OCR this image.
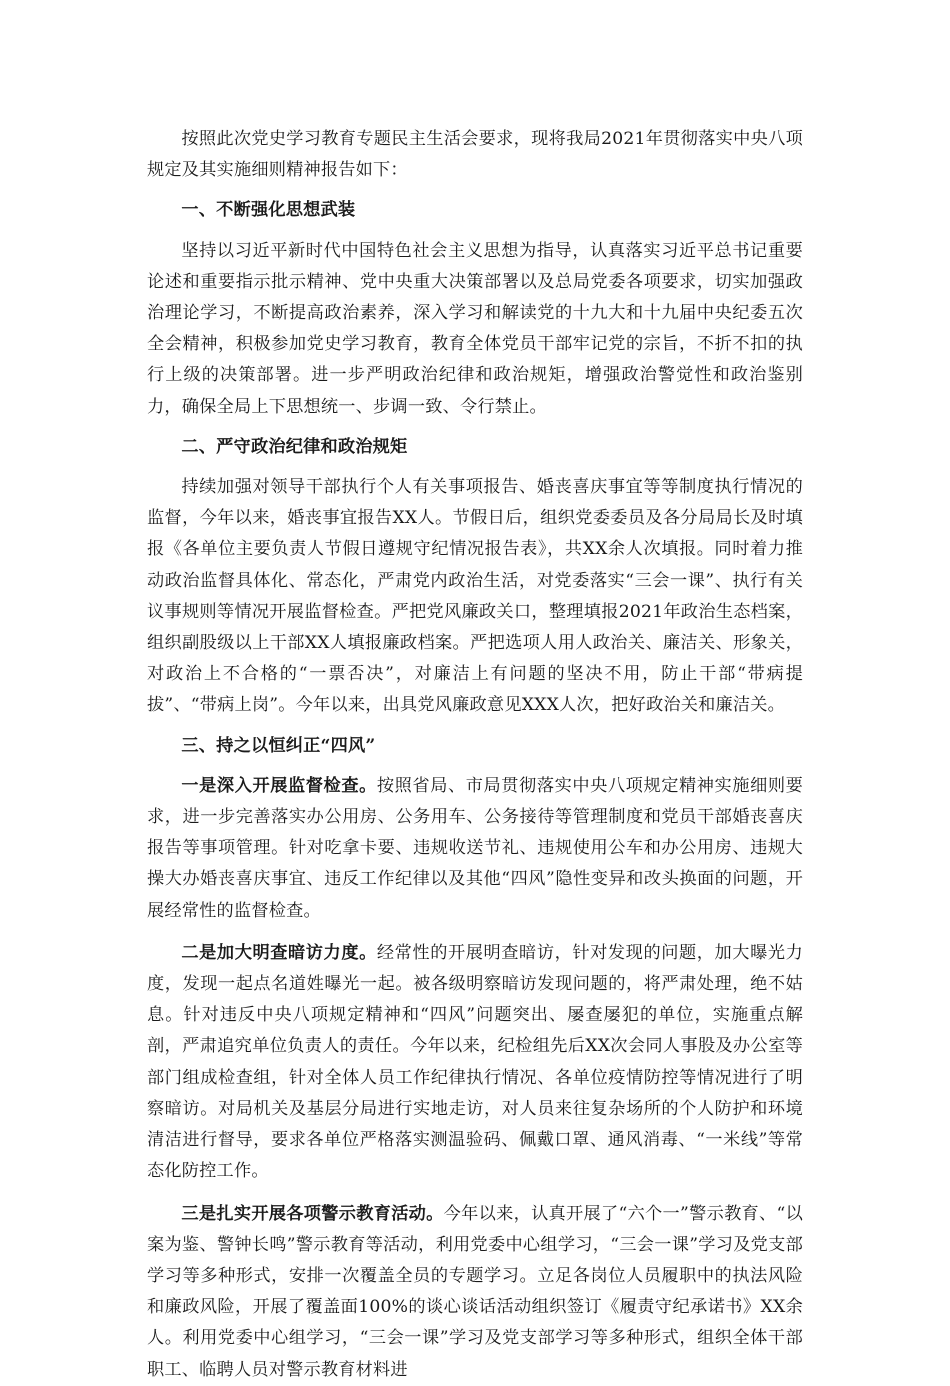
按照此次党史学习教育专题民主生活会要求，现将我局2021年贯彻落实中央八项规定及其实施细则精神报告如下：

一、不断强化思想武装

坚持以习近平新时代中国特色社会主义思想为指导，认真落实习近平总书记重要论述和重要指示批示精神、党中央重大决策部署以及总局党委各项要求，切实加强政治理论学习，不断提高政治素养，深入学习和解读党的十九大和十九届中央纪委五次全会精神，积极参加党史学习教育，教育全体党员干部牢记党的宗旨，不折不扣的执行上级的决策部署。进一步严明政治纪律和政治规矩，增强政治警觉性和政治鉴别力，确保全局上下思想统一、步调一致、令行禁止。

二、严守政治纪律和政治规矩

持续加强对领导干部执行个人有关事项报告、婚丧喜庆事宜等等制度执行情况的监督，今年以来，婚丧事宜报告XX人。节假日后，组织党委委员及各分局局长及时填报《各单位主要负责人节假日遵规守纪情况报告表》，共XX余人次填报。同时着力推动政治监督具体化、常态化，严肃党内政治生活，对党委落实“三会一课”、执行有关议事规则等情况开展监督检查。严把党风廉政关口，整理填报2021年政治生态档案，组织副股级以上干部XX人填报廉政档案。严把选项人用人政治关、廉洁关、形象关，对政治上不合格的“一票否决”，对廉洁上有问题的坚决不用，防止干部“带病提拔”、“带病上岗”。今年以来，出具党风廉政意见XXX人次，把好政治关和廉洁关。

三、持之以恒纠正“四风”

一是深入开展监督检查。按照省局、市局贯彻落实中央八项规定精神实施细则要求，进一步完善落实办公用房、公务用车、公务接待等管理制度和党员干部婚丧喜庆报告等事项管理。针对吃拿卡要、违规收送节礼、违规使用公车和办公用房、违规大操大办婚丧喜庆事宜、违反工作纪律以及其他“四风”隐性变异和改头换面的问题，开展经常性的监督检查。

二是加大明查暗访力度。经常性的开展明查暗访，针对发现的问题，加大曝光力度，发现一起点名道姓曝光一起。被各级明察暗访发现问题的，将严肃处理，绝不姑息。针对违反中央八项规定精神和“四风”问题突出、屡查屡犯的单位，实施重点解剖，严肃追究单位负责人的责任。今年以来，纪检组先后XX次会同人事股及办公室等部门组成检查组，针对全体人员工作纪律执行情况、各单位疫情防控等情况进行了明察暗访。对局机关及基层分局进行实地走访，对人员来往复杂场所的个人防护和环境清洁进行督导，要求各单位严格落实测温验码、佩戴口罩、通风消毒、“一米线”等常态化防控工作。

三是扎实开展各项警示教育活动。今年以来，认真开展了“六个一”警示教育、“以案为鉴、警钟长鸣”警示教育等活动，利用党委中心组学习，“三会一课”学习及党支部学习等多种形式，安排一次覆盖全员的专题学习。立足各岗位人员履职中的执法风险和廉政风险，开展了覆盖面100%的谈心谈话活动组织签订《履责守纪承诺书》XX余人。利用党委中心组学习，“三会一课”学习及党支部学习等多种形式，组织全体干部职工、临聘人员对警示教育材料进
